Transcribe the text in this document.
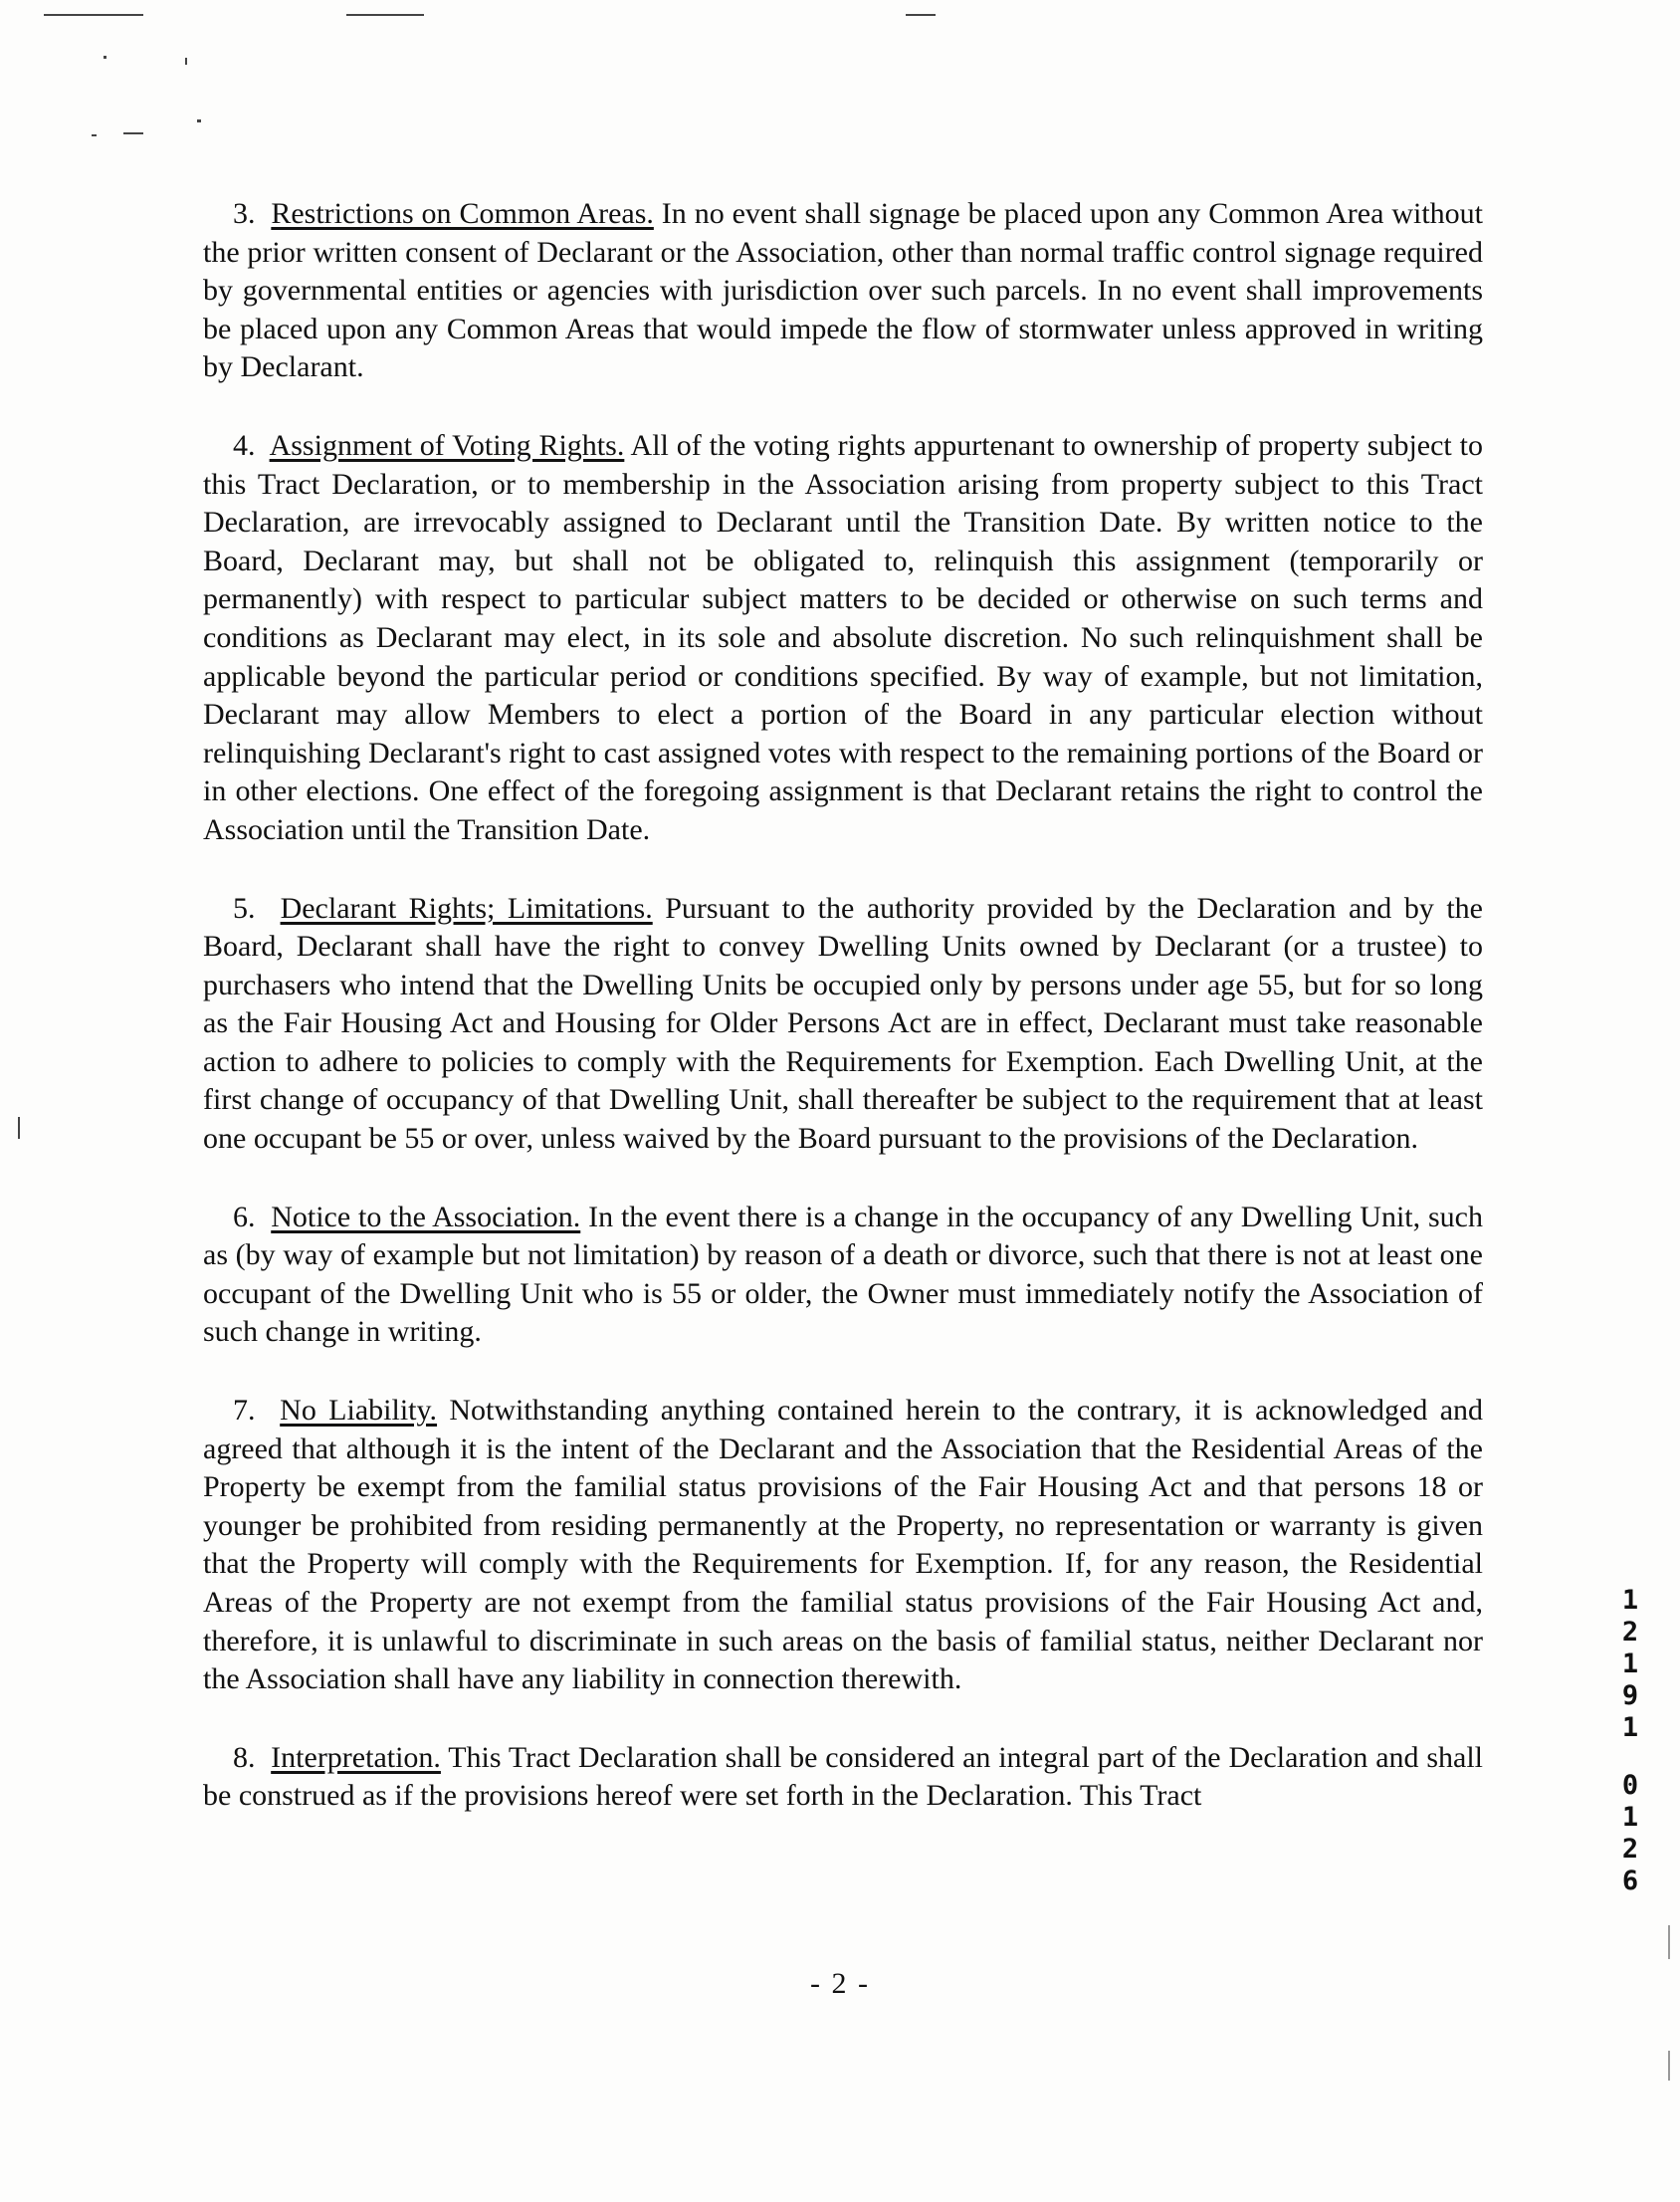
3. Restrictions on Common Areas. In no event shall signage be placed upon any Common Area without the prior written consent of Declarant or the Association, other than normal traffic control signage required by governmental entities or agencies with jurisdiction over such parcels. In no event shall improvements be placed upon any Common Areas that would impede the flow of stormwater unless approved in writing by Declarant.

4. Assignment of Voting Rights. All of the voting rights appurtenant to ownership of property subject to this Tract Declaration, or to membership in the Association arising from property subject to this Tract Declaration, are irrevocably assigned to Declarant until the Transition Date. By written notice to the Board, Declarant may, but shall not be obligated to, relinquish this assignment (temporarily or permanently) with respect to particular subject matters to be decided or otherwise on such terms and conditions as Declarant may elect, in its sole and absolute discretion. No such relinquishment shall be applicable beyond the particular period or conditions specified. By way of example, but not limitation, Declarant may allow Members to elect a portion of the Board in any particular election without relinquishing Declarant's right to cast assigned votes with respect to the remaining portions of the Board or in other elections. One effect of the foregoing assignment is that Declarant retains the right to control the Association until the Transition Date.

5. Declarant Rights; Limitations. Pursuant to the authority provided by the Declaration and by the Board, Declarant shall have the right to convey Dwelling Units owned by Declarant (or a trustee) to purchasers who intend that the Dwelling Units be occupied only by persons under age 55, but for so long as the Fair Housing Act and Housing for Older Persons Act are in effect, Declarant must take reasonable action to adhere to policies to comply with the Requirements for Exemption. Each Dwelling Unit, at the first change of occupancy of that Dwelling Unit, shall thereafter be subject to the requirement that at least one occupant be 55 or over, unless waived by the Board pursuant to the provisions of the Declaration.

6. Notice to the Association. In the event there is a change in the occupancy of any Dwelling Unit, such as (by way of example but not limitation) by reason of a death or divorce, such that there is not at least one occupant of the Dwelling Unit who is 55 or older, the Owner must immediately notify the Association of such change in writing.

7. No Liability. Notwithstanding anything contained herein to the contrary, it is acknowledged and agreed that although it is the intent of the Declarant and the Association that the Residential Areas of the Property be exempt from the familial status provisions of the Fair Housing Act and that persons 18 or younger be prohibited from residing permanently at the Property, no representation or warranty is given that the Property will comply with the Requirements for Exemption. If, for any reason, the Residential Areas of the Property are not exempt from the familial status provisions of the Fair Housing Act and, therefore, it is unlawful to discriminate in such areas on the basis of familial status, neither Declarant nor the Association shall have any liability in connection therewith.

8. Interpretation. This Tract Declaration shall be considered an integral part of the Declaration and shall be construed as if the provisions hereof were set forth in the Declaration. This Tract

- 2 -
1
2
1
9
1
0
1
2
6
